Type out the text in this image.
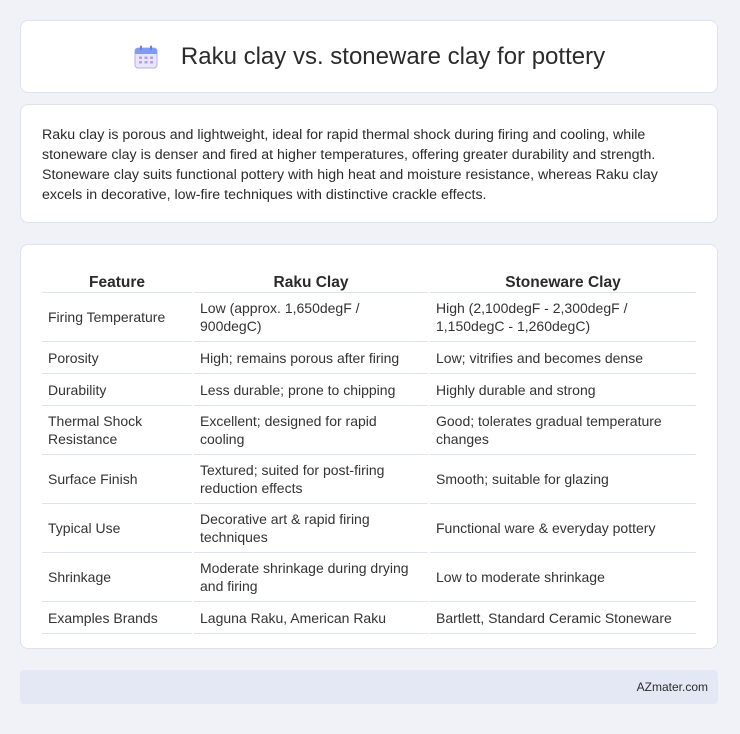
Raku clay vs. stoneware clay for pottery

Raku clay is porous and lightweight, ideal for rapid thermal shock during firing and cooling, while stoneware clay is denser and fired at higher temperatures, offering greater durability and strength. Stoneware clay suits functional pottery with high heat and moisture resistance, whereas Raku clay excels in decorative, low-fire techniques with distinctive crackle effects.

Feature	Raku Clay	Stoneware Clay
Firing Temperature	Low (approx. 1,650degF / 900degC)	High (2,100degF - 2,300degF / 1,150degC - 1,260degC)
Porosity	High; remains porous after firing	Low; vitrifies and becomes dense
Durability	Less durable; prone to chipping	Highly durable and strong
Thermal Shock Resistance	Excellent; designed for rapid cooling	Good; tolerates gradual temperature changes
Surface Finish	Textured; suited for post-firing reduction effects	Smooth; suitable for glazing
Typical Use	Decorative art & rapid firing techniques	Functional ware & everyday pottery
Shrinkage	Moderate shrinkage during drying and firing	Low to moderate shrinkage
Examples Brands	Laguna Raku, American Raku	Bartlett, Standard Ceramic Stoneware
AZmater.com
